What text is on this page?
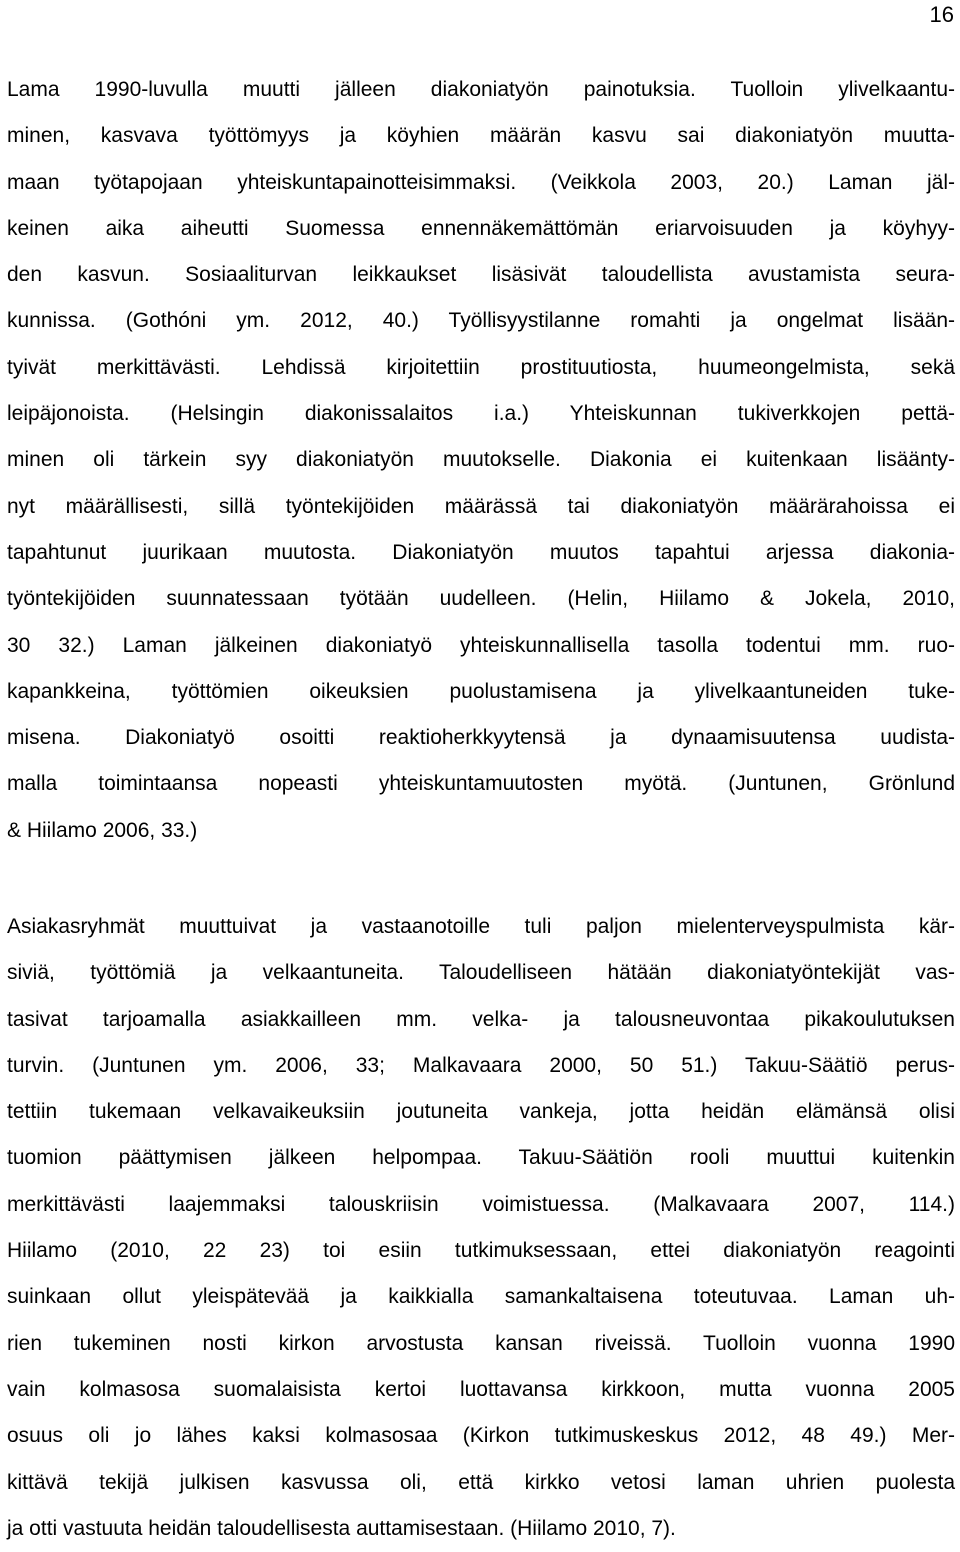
16
Lama 1990-luvulla muutti jälleen diakoniatyön painotuksia. Tuolloin ylivelkaantu-
minen, kasvava työttömyys ja köyhien määrän kasvu sai diakoniatyön muutta-
maan työtapojaan yhteiskuntapainotteisimmaksi. (Veikkola 2003, 20.) Laman jäl-
keinen aika aiheutti Suomessa ennennäkemättömän eriarvoisuuden ja köyhyy-
den kasvun. Sosiaaliturvan leikkaukset lisäsivät taloudellista avustamista seura-
kunnissa. (Gothóni ym. 2012, 40.) Työllisyystilanne romahti ja ongelmat lisään-
tyivät merkittävästi. Lehdissä kirjoitettiin prostituutiosta, huumeongelmista, sekä
leipäjonoista. (Helsingin diakonissalaitos i.a.) Yhteiskunnan tukiverkkojen pettä-
minen oli tärkein syy diakoniatyön muutokselle. Diakonia ei kuitenkaan lisäänty-
nyt määrällisesti, sillä työntekijöiden määrässä tai diakoniatyön määrärahoissa ei
tapahtunut juurikaan muutosta. Diakoniatyön muutos tapahtui arjessa diakonia-
työntekijöiden suunnatessaan työtään uudelleen. (Helin, Hiilamo & Jokela, 2010,
30 32.) Laman jälkeinen diakoniatyö yhteiskunnallisella tasolla todentui mm. ruo-
kapankkeina, työttömien oikeuksien puolustamisena ja ylivelkaantuneiden tuke-
misena. Diakoniatyö osoitti reaktioherkkyytensä ja dynaamisuutensa uudista-
malla toimintaansa nopeasti yhteiskuntamuutosten myötä. (Juntunen, Grönlund
& Hiilamo 2006, 33.)
Asiakasryhmät muuttuivat ja vastaanotoille tuli paljon mielenterveyspulmista kär-
siviä, työttömiä ja velkaantuneita. Taloudelliseen hätään diakoniatyöntekijät vas-
tasivat tarjoamalla asiakkailleen mm. velka- ja talousneuvontaa pikakoulutuksen
turvin. (Juntunen ym. 2006, 33; Malkavaara 2000, 50 51.) Takuu-Säätiö perus-
tettiin tukemaan velkavaikeuksiin joutuneita vankeja, jotta heidän elämänsä olisi
tuomion päättymisen jälkeen helpompaa. Takuu-Säätiön rooli muuttui kuitenkin
merkittävästi laajemmaksi talouskriisin voimistuessa. (Malkavaara 2007, 114.)
Hiilamo (2010, 22 23) toi esiin tutkimuksessaan, ettei diakoniatyön reagointi
suinkaan ollut yleispätevää ja kaikkialla samankaltaisena toteutuvaa. Laman uh-
rien tukeminen nosti kirkon arvostusta kansan riveissä. Tuolloin vuonna 1990
vain kolmasosa suomalaisista kertoi luottavansa kirkkoon, mutta vuonna 2005
osuus oli jo lähes kaksi kolmasosaa (Kirkon tutkimuskeskus 2012, 48 49.) Mer-
kittävä tekijä julkisen kasvussa oli, että kirkko vetosi laman uhrien puolesta
ja otti vastuuta heidän taloudellisesta auttamisestaan. (Hiilamo 2010, 7).
